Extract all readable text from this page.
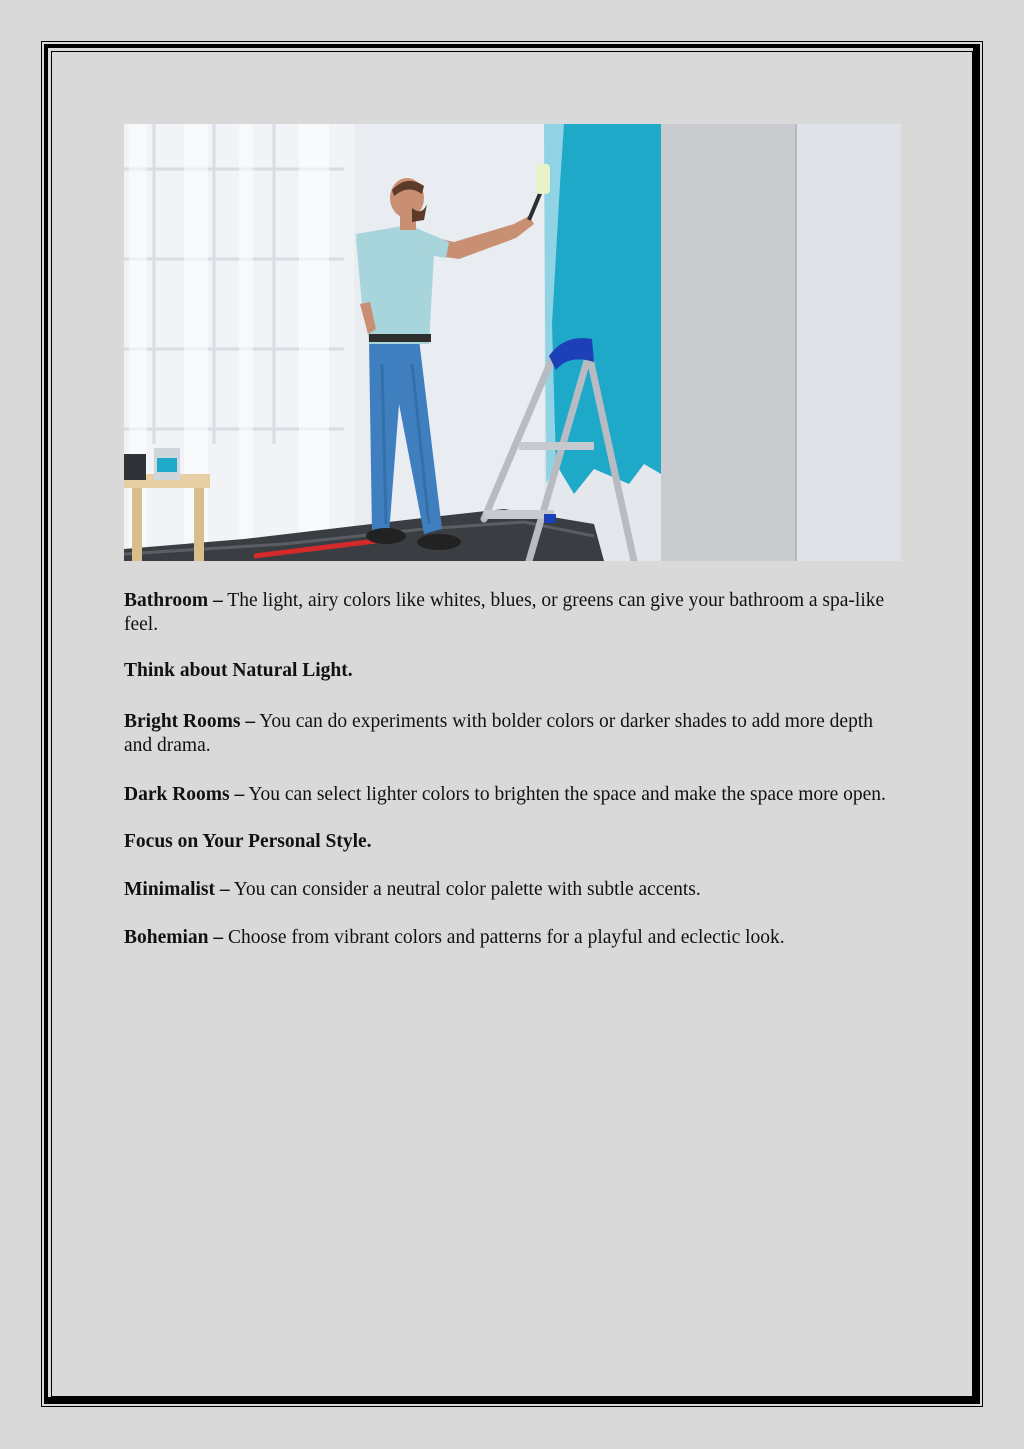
Bathroom – The light, airy colors like whites, blues, or greens can give your bathroom a spa-like feel.

Think about Natural Light.

Bright Rooms – You can do experiments with bolder colors or darker shades to add more depth and drama.

Dark Rooms – You can select lighter colors to brighten the space and make the space more open.

Focus on Your Personal Style.

Minimalist – You can consider a neutral color palette with subtle accents.

Bohemian – Choose from vibrant colors and patterns for a playful and eclectic look.
